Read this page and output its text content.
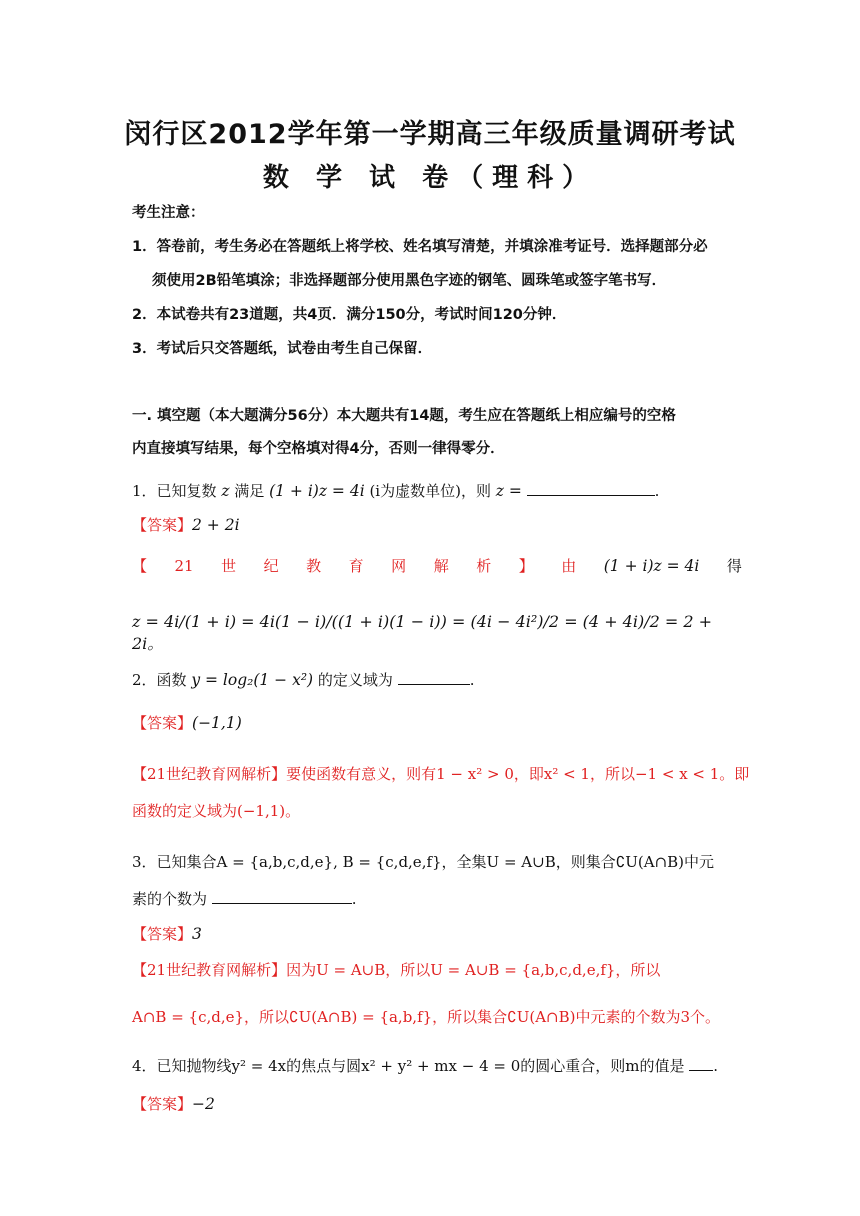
闵行区2012学年第一学期高三年级质量调研考试
数 学 试 卷（理科）
考生注意：
1．答卷前，考生务必在答题纸上将学校、姓名填写清楚，并填涂准考证号．选择题部分必
须使用2B铅笔填涂；非选择题部分使用黑色字迹的钢笔、圆珠笔或签字笔书写．
2．本试卷共有23道题，共4页．满分150分，考试时间120分钟．
3．考试后只交答题纸，试卷由考生自己保留．
一. 填空题（本大题满分56分）本大题共有14题，考生应在答题纸上相应编号的空格
内直接填写结果，每个空格填对得4分，否则一律得零分．
1．已知复数 z 满足 (1 + i)z = 4i (i为虚数单位)，则 z =	.
【答案】2 + 2i
【 21 世 纪 教 育 网 解 析 】 由 (1 + i)z = 4i 得
z = 4i/(1 + i) = 4i(1 − i)/((1 + i)(1 − i)) = (4i − 4i²)/2 = (4 + 4i)/2 = 2 + 2i。
2．函数 y = log₂(1 − x²) 的定义域为	.
【答案】(−1,1)
【21世纪教育网解析】要使函数有意义，则有1 − x² > 0，即x² < 1，所以−1 < x < 1。即
函数的定义域为(−1,1)。
3．已知集合A = {a,b,c,d,e}, B = {c,d,e,f}，全集U = A∪B，则集合∁U(A∩B)中元
素的个数为	.
【答案】3
【21世纪教育网解析】因为U = A∪B，所以U = A∪B = {a,b,c,d,e,f}，所以
A∩B = {c,d,e}，所以∁U(A∩B) = {a,b,f}，所以集合∁U(A∩B)中元素的个数为3个。
4．已知抛物线y² = 4x的焦点与圆x² + y² + mx − 4 = 0的圆心重合，则m的值是 .
【答案】−2
